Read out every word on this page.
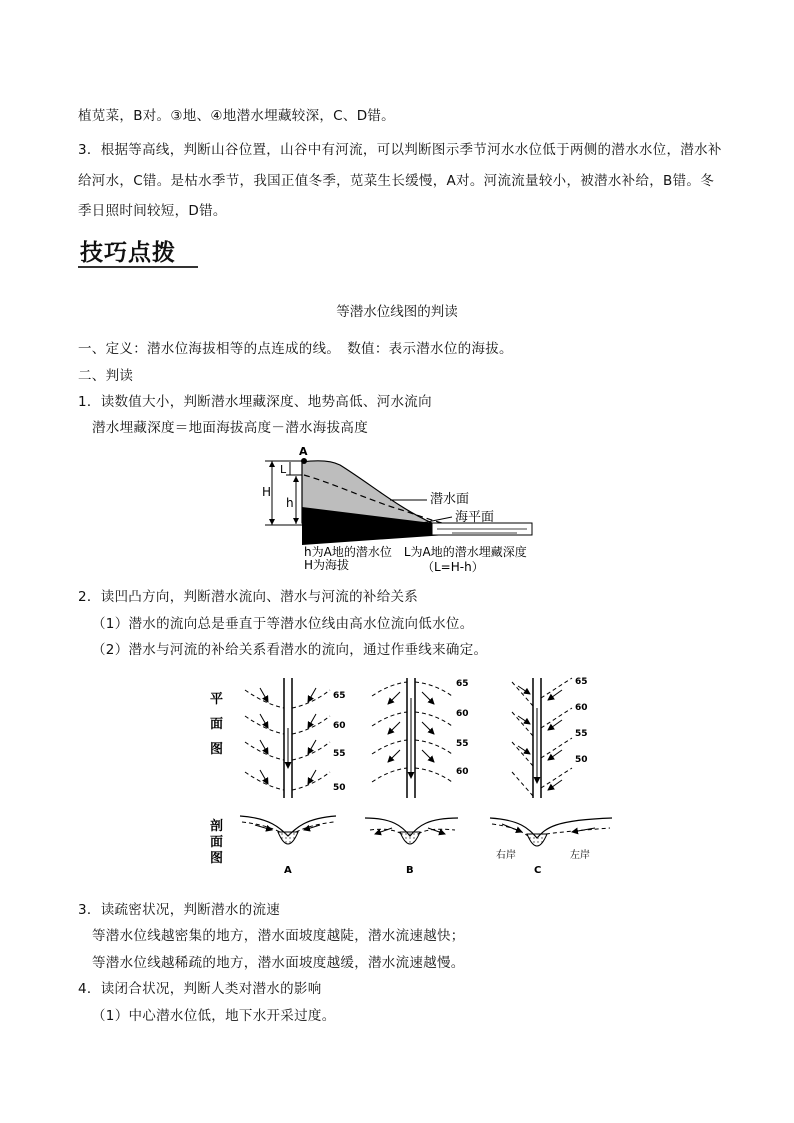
植苋菜，B对。③地、④地潜水埋藏较深，C、D错。
3．根据等高线，判断山谷位置，山谷中有河流，可以判断图示季节河水水位低于两侧的潜水水位，潜水补
给河水，C错。是枯水季节，我国正值冬季，苋菜生长缓慢，A对。河流流量较小，被潜水补给，B错。冬
季日照时间较短，D错。
技巧点拨
等潜水位线图的判读
一、定义：潜水位海拔相等的点连成的线。　数值：表示潜水位的海拔。
二、判读
1．读数值大小，判断潜水埋藏深度、地势高低、河水流向
潜水埋藏深度＝地面海拔高度－潜水海拔高度
A
H
L
h	潜水面
海平面
h为A地的潜水位　L为A地的潜水埋藏深度
H为海拔	（L=H-h）
2．读凹凸方向，判断潜水流向、潜水与河流的补给关系
（1）潜水的流向总是垂直于等潜水位线由高水位流向低水位。
（2）潜水与河流的补给关系看潜水的流向，通过作垂线来确定。
平
面
图
剖
面
图
65
60
55
50
65
60
55
60
65
60
55
50
A	B
右岸	左岸
C
3．读疏密状况，判断潜水的流速
等潜水位线越密集的地方，潜水面坡度越陡，潜水流速越快；
等潜水位线越稀疏的地方，潜水面坡度越缓，潜水流速越慢。
4．读闭合状况，判断人类对潜水的影响
（1）中心潜水位低，地下水开采过度。
